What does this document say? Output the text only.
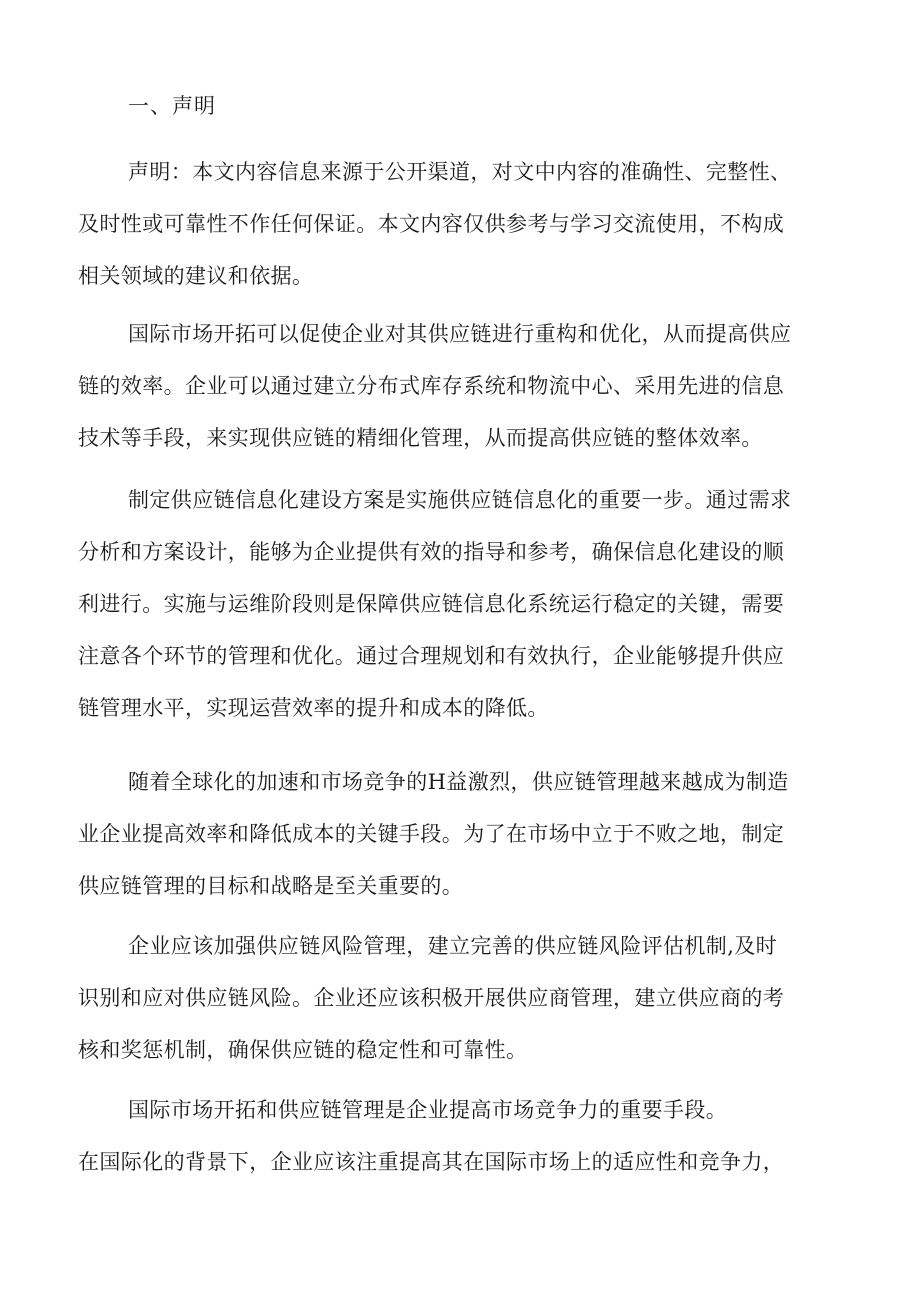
一、声明
声明：本文内容信息来源于公开渠道，对文中内容的准确性、完整性、
及时性或可靠性不作任何保证。本文内容仅供参考与学习交流使用，不构成
相关领域的建议和依据。
国际市场开拓可以促使企业对其供应链进行重构和优化，从而提高供应
链的效率。企业可以通过建立分布式库存系统和物流中心、采用先进的信息
技术等手段，来实现供应链的精细化管理，从而提高供应链的整体效率。
制定供应链信息化建设方案是实施供应链信息化的重要一步。通过需求
分析和方案设计，能够为企业提供有效的指导和参考，确保信息化建设的顺
利进行。实施与运维阶段则是保障供应链信息化系统运行稳定的关键，需要
注意各个环节的管理和优化。通过合理规划和有效执行，企业能够提升供应
链管理水平，实现运营效率的提升和成本的降低。
随着全球化的加速和市场竞争的H益激烈，供应链管理越来越成为制造
业企业提高效率和降低成本的关键手段。为了在市场中立于不败之地，制定
供应链管理的目标和战略是至关重要的。
企业应该加强供应链风险管理，建立完善的供应链风险评估机制,及时
识别和应对供应链风险。企业还应该积极开展供应商管理，建立供应商的考
核和奖惩机制，确保供应链的稳定性和可靠性。
国际市场开拓和供应链管理是企业提高市场竞争力的重要手段。
在国际化的背景下，企业应该注重提高其在国际市场上的适应性和竞争力，
